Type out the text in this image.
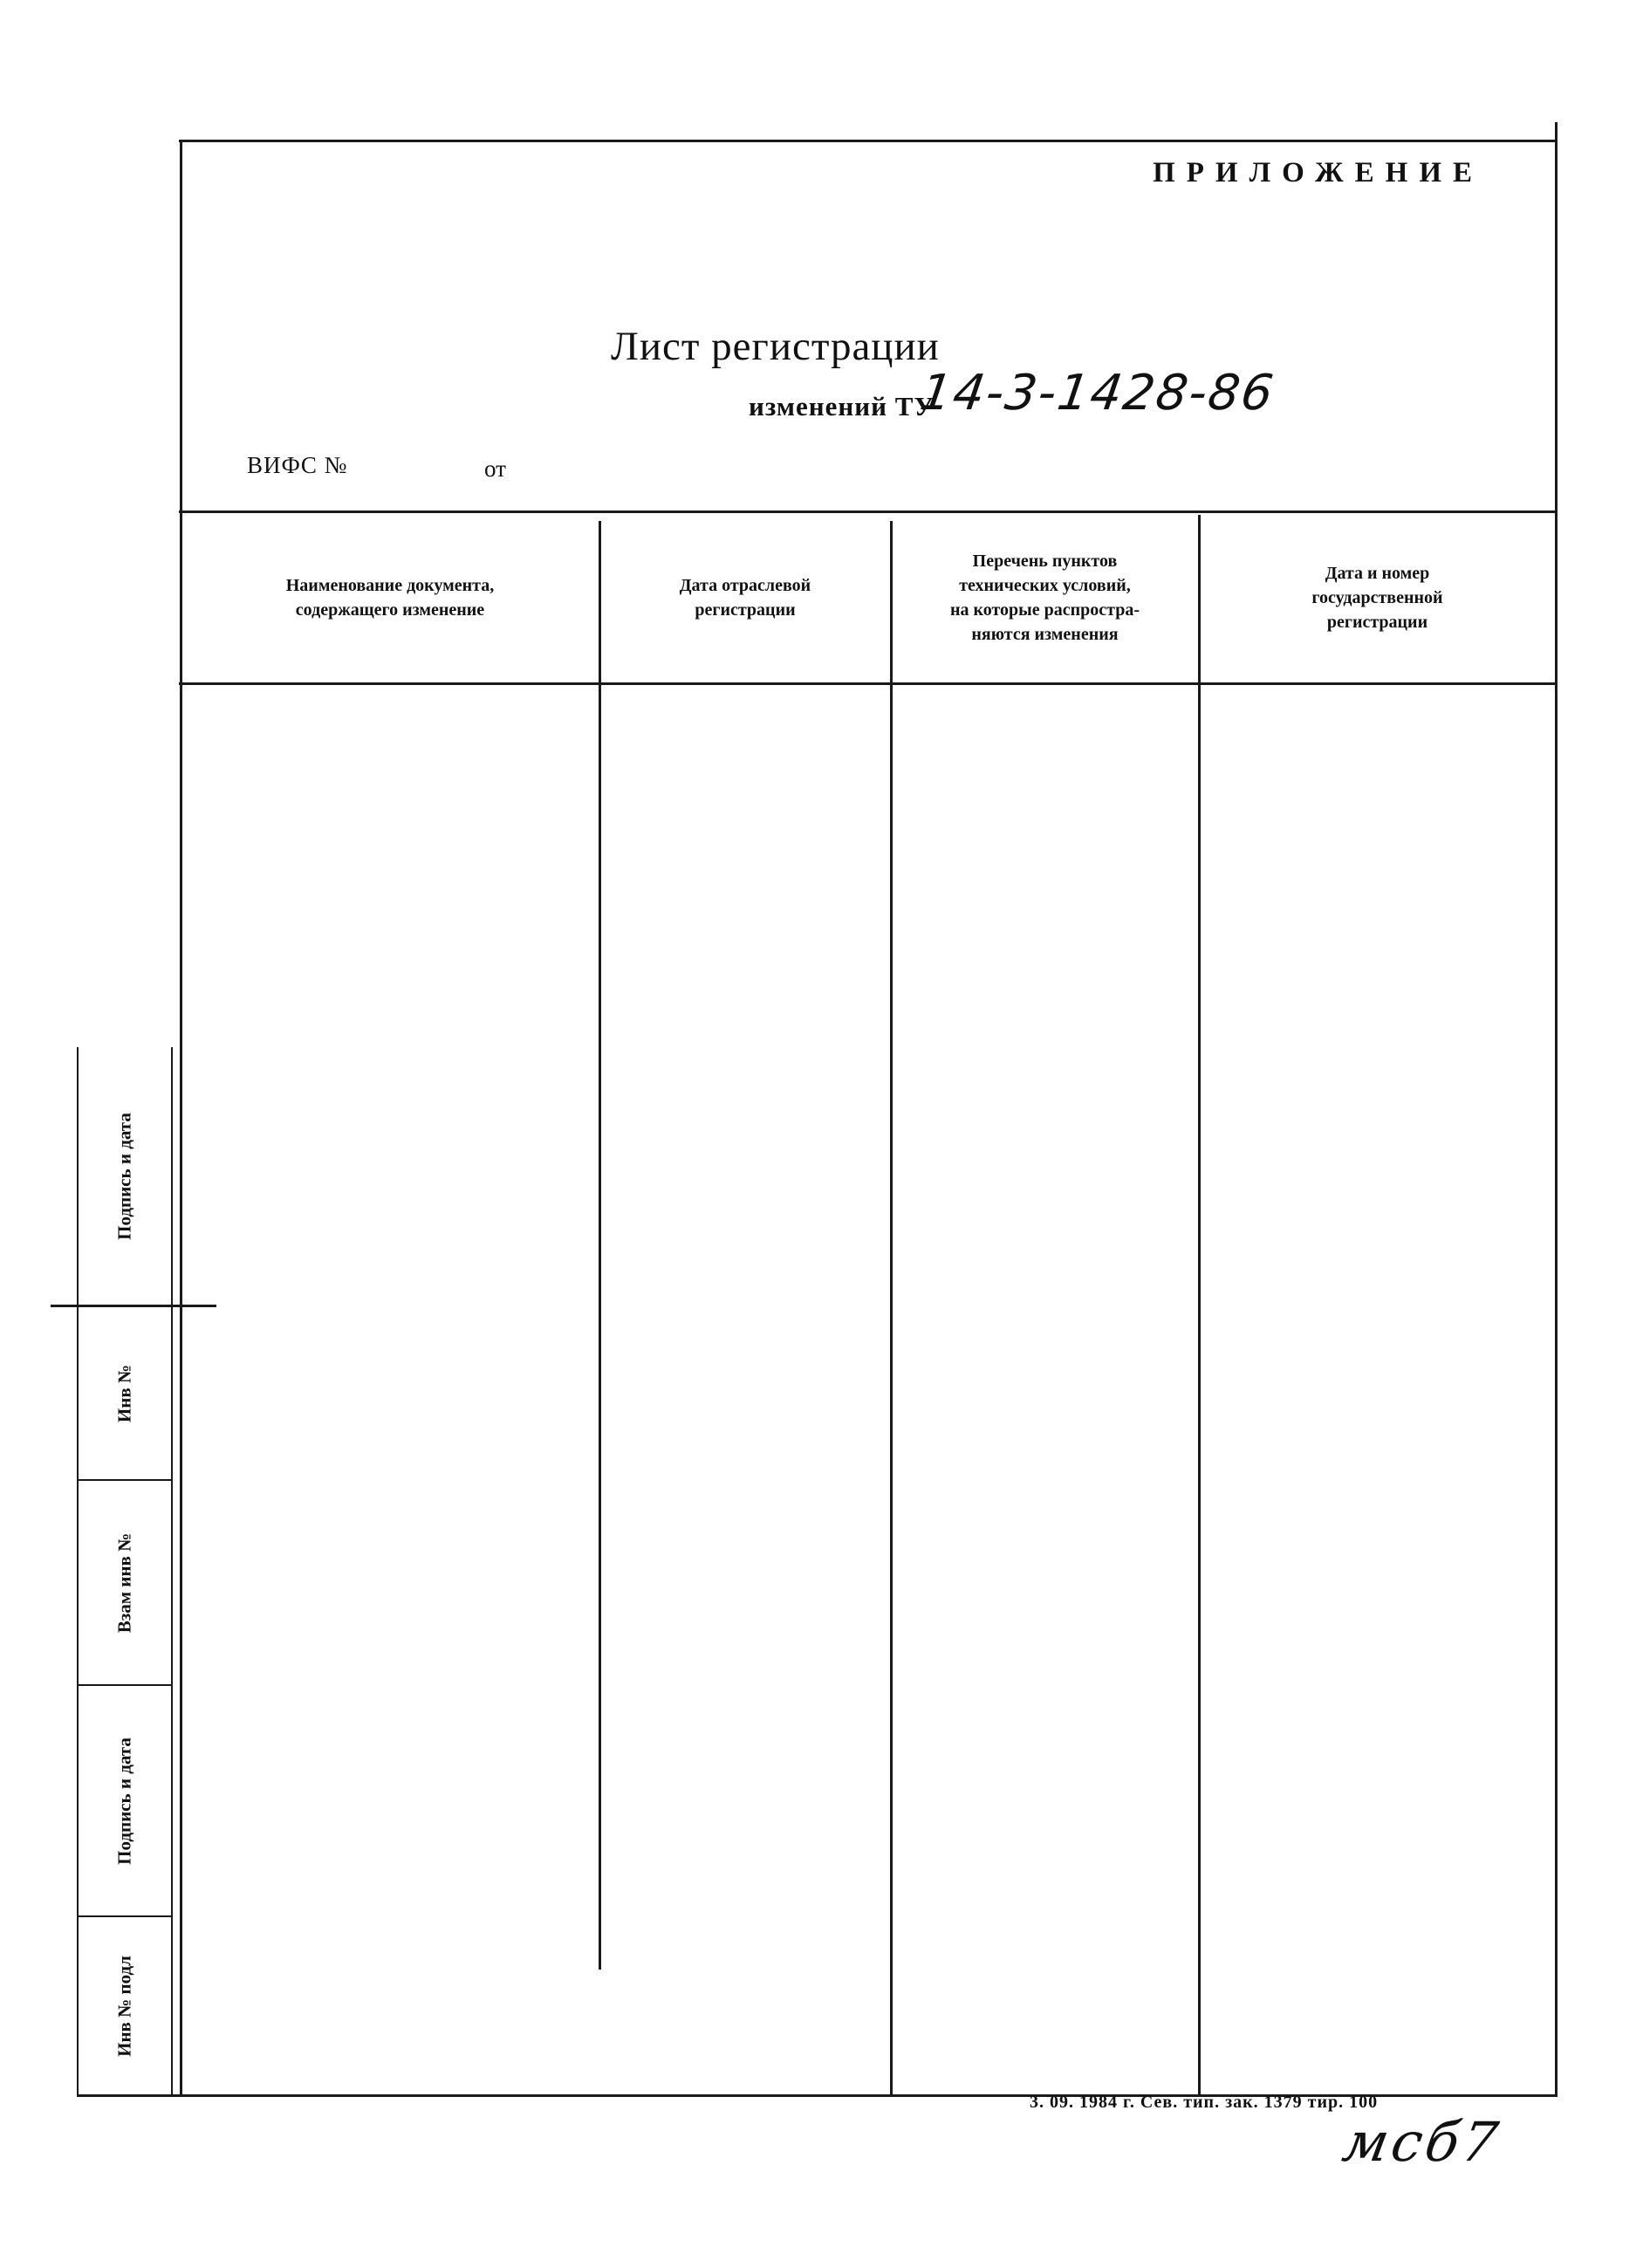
ПРИЛОЖЕНИЕ
Лист регистрации
изменений ТУ
14-3-1428-86
ВИФС №	от
Наименование документа,
содержащего изменение
Дата отраслевой
регистрации
Перечень пунктов
технических условий,
на которые распростра-
няются изменения
Дата и номер
государственной
регистрации
Подпись и дата
Инв №
Взам инв №
Подпись и дата
Инв № подл
3. 09. 1984 г. Сев. тип. зак. 1379 тир. 100
мсб7
